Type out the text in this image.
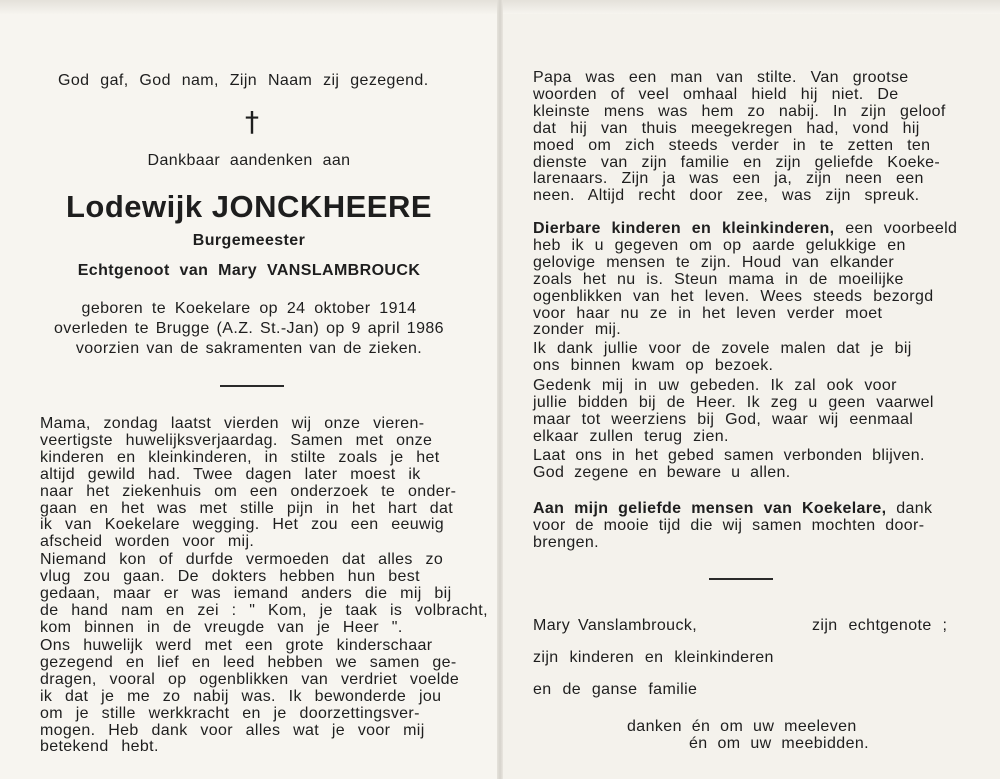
God gaf, God nam, Zijn Naam zij gezegend.
†
Dankbaar aandenken aan
Lodewijk JONCKHEERE
Burgemeester
Echtgenoot van Mary VANSLAMBROUCK
geboren te Koekelare op 24 oktober 1914
overleden te Brugge (A.Z. St.-Jan) op 9 april 1986
voorzien van de sakramenten van de zieken.
Mama, zondag laatst vierden wij onze vieren-
veertigste huwelijksverjaardag. Samen met onze
kinderen en kleinkinderen, in stilte zoals je het
altijd gewild had. Twee dagen later moest ik
naar het ziekenhuis om een onderzoek te onder-
gaan en het was met stille pijn in het hart dat
ik van Koekelare wegging. Het zou een eeuwig
afscheid worden voor mij.
Niemand kon of durfde vermoeden dat alles zo
vlug zou gaan. De dokters hebben hun best
gedaan, maar er was iemand anders die mij bij
de hand nam en zei : " Kom, je taak is volbracht,
kom binnen in de vreugde van je Heer ".
Ons huwelijk werd met een grote kinderschaar
gezegend en lief en leed hebben we samen ge-
dragen, vooral op ogenblikken van verdriet voelde
ik dat je me zo nabij was. Ik bewonderde jou
om je stille werkkracht en je doorzettingsver-
mogen. Heb dank voor alles wat je voor mij
betekend hebt.
Papa was een man van stilte. Van grootse
woorden of veel omhaal hield hij niet. De
kleinste mens was hem zo nabij. In zijn geloof
dat hij van thuis meegekregen had, vond hij
moed om zich steeds verder in te zetten ten
dienste van zijn familie en zijn geliefde Koeke-
larenaars. Zijn ja was een ja, zijn neen een
neen. Altijd recht door zee, was zijn spreuk.
Dierbare kinderen en kleinkinderen, een voorbeeld
heb ik u gegeven om op aarde gelukkige en
gelovige mensen te zijn. Houd van elkander
zoals het nu is. Steun mama in de moeilijke
ogenblikken van het leven. Wees steeds bezorgd
voor haar nu ze in het leven verder moet
zonder mij.
Ik dank jullie voor de zovele malen dat je bij
ons binnen kwam op bezoek.
Gedenk mij in uw gebeden. Ik zal ook voor
jullie bidden bij de Heer. Ik zeg u geen vaarwel
maar tot weerziens bij God, waar wij eenmaal
elkaar zullen terug zien.
Laat ons in het gebed samen verbonden blijven.
God zegene en beware u allen.
Aan mijn geliefde mensen van Koekelare, dank
voor de mooie tijd die wij samen mochten door-
brengen.
Mary Vanslambrouck,	zijn echtgenote ;
zijn kinderen en kleinkinderen
en de ganse familie
danken én om uw meeleven
én om uw meebidden.
